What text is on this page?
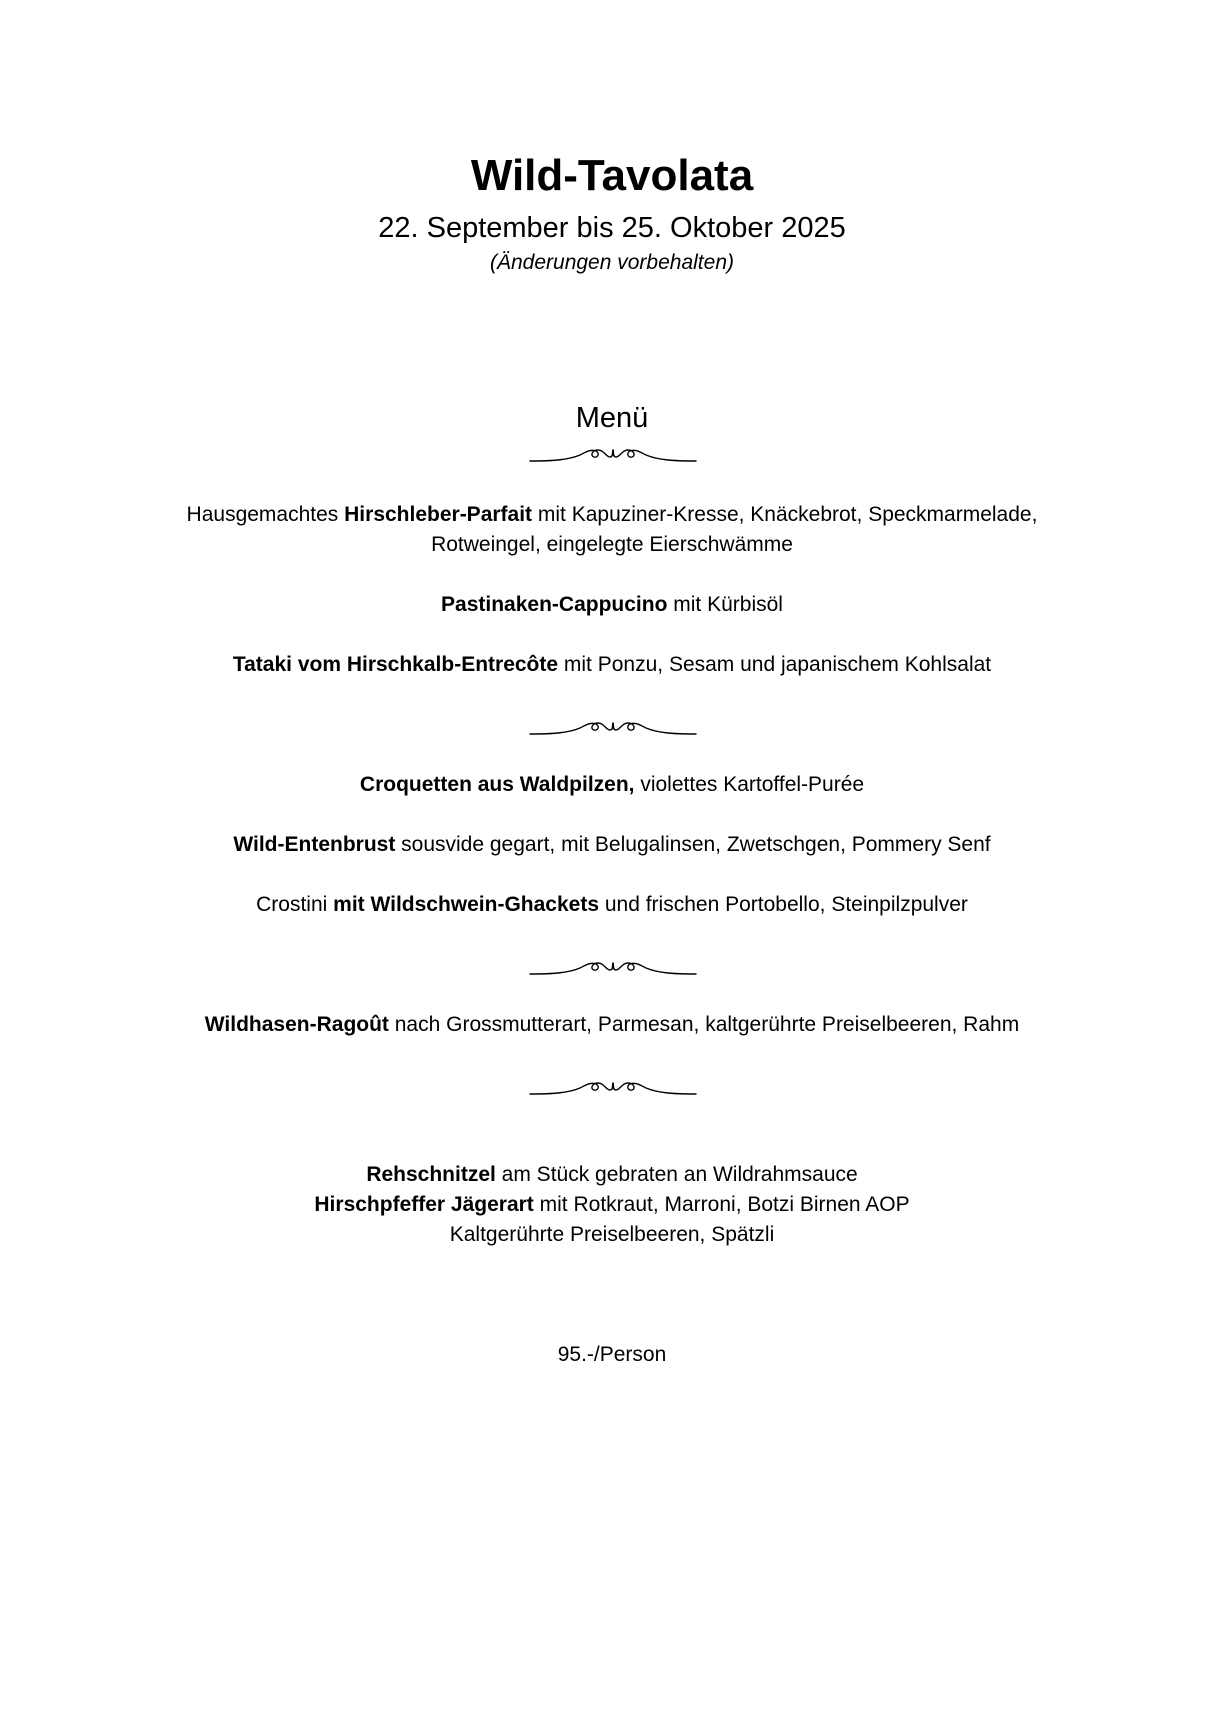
Wild-Tavolata
22. September bis 25. Oktober 2025
(Änderungen vorbehalten)
Menü
Hausgemachtes Hirschleber-Parfait mit Kapuziner-Kresse, Knäckebrot, Speckmarmelade,
Rotweingel, eingelegte Eierschwämme
Pastinaken-Cappucino mit Kürbisöl
Tataki vom Hirschkalb-Entrecôte mit Ponzu, Sesam und japanischem Kohlsalat
Croquetten aus Waldpilzen, violettes Kartoffel-Purée
Wild-Entenbrust sousvide gegart, mit Belugalinsen, Zwetschgen, Pommery Senf
Crostini mit Wildschwein-Ghackets und frischen Portobello, Steinpilzpulver
Wildhasen-Ragoût nach Grossmutterart, Parmesan, kaltgerührte Preiselbeeren, Rahm
Rehschnitzel am Stück gebraten an Wildrahmsauce
Hirschpfeffer Jägerart mit Rotkraut, Marroni, Botzi Birnen AOP
Kaltgerührte Preiselbeeren, Spätzli
95.-/Person
